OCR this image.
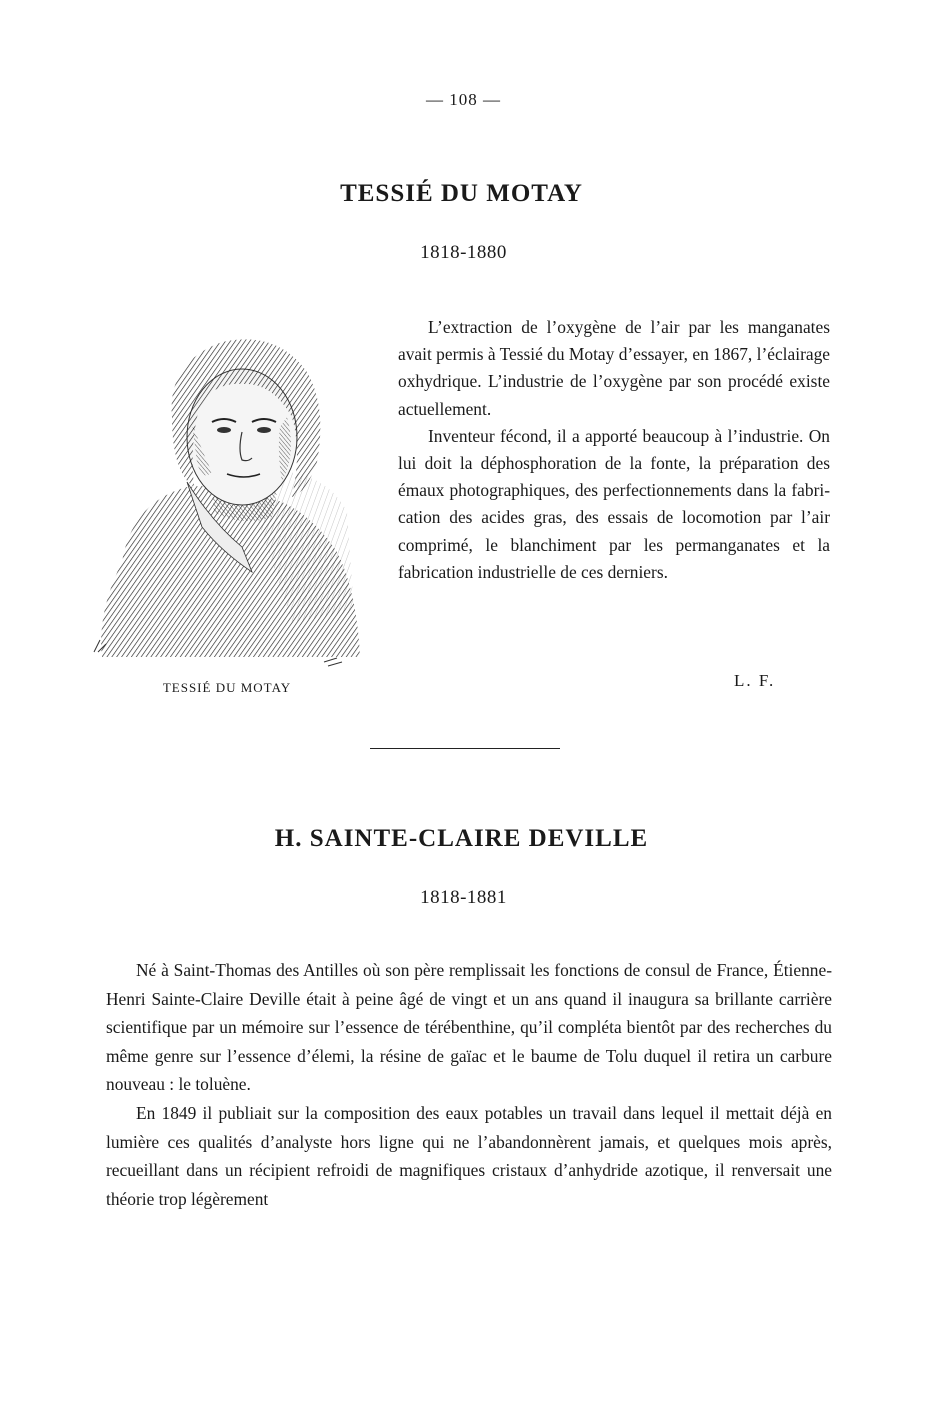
— 108 —
TESSIÉ DU MOTAY
1818-1880
TESSIÉ DU MOTAY

L’extraction de l’oxygène de l’air par les manganates avait permis à Tessié du Motay d’essayer, en 1867, l’éclairage oxhydrique. L’industrie de l’oxygène par son procédé existe actuellement.

Inventeur fécond, il a apporté beaucoup à l’industrie. On lui doit la déphosphoration de la fonte, la préparation des émaux photographiques, des perfectionnements dans la fabrication des acides gras, des essais de locomotion par l’air comprimé, le blanchiment par les permanganates et la fabrication industrielle de ces derniers.

L. F.
H. SAINTE-CLAIRE DEVILLE
1818-1881

Né à Saint-Thomas des Antilles où son père remplissait les fonctions de consul de France, Étienne-Henri Sainte-Claire Deville était à peine âgé de vingt et un ans quand il inaugura sa brillante carrière scientifique par un mémoire sur l’essence de térébenthine, qu’il compléta bientôt par des recherches du même genre sur l’essence d’élemi, la résine de gaïac et le baume de Tolu duquel il retira un carbure nouveau : le toluène.

En 1849 il publiait sur la composition des eaux potables un travail dans lequel il mettait déjà en lumière ces qualités d’analyste hors ligne qui ne l’abandonnèrent jamais, et quelques mois après, recueillant dans un récipient refroidi de magnifiques cristaux d’anhydride azotique, il renversait une théorie trop légèrement
